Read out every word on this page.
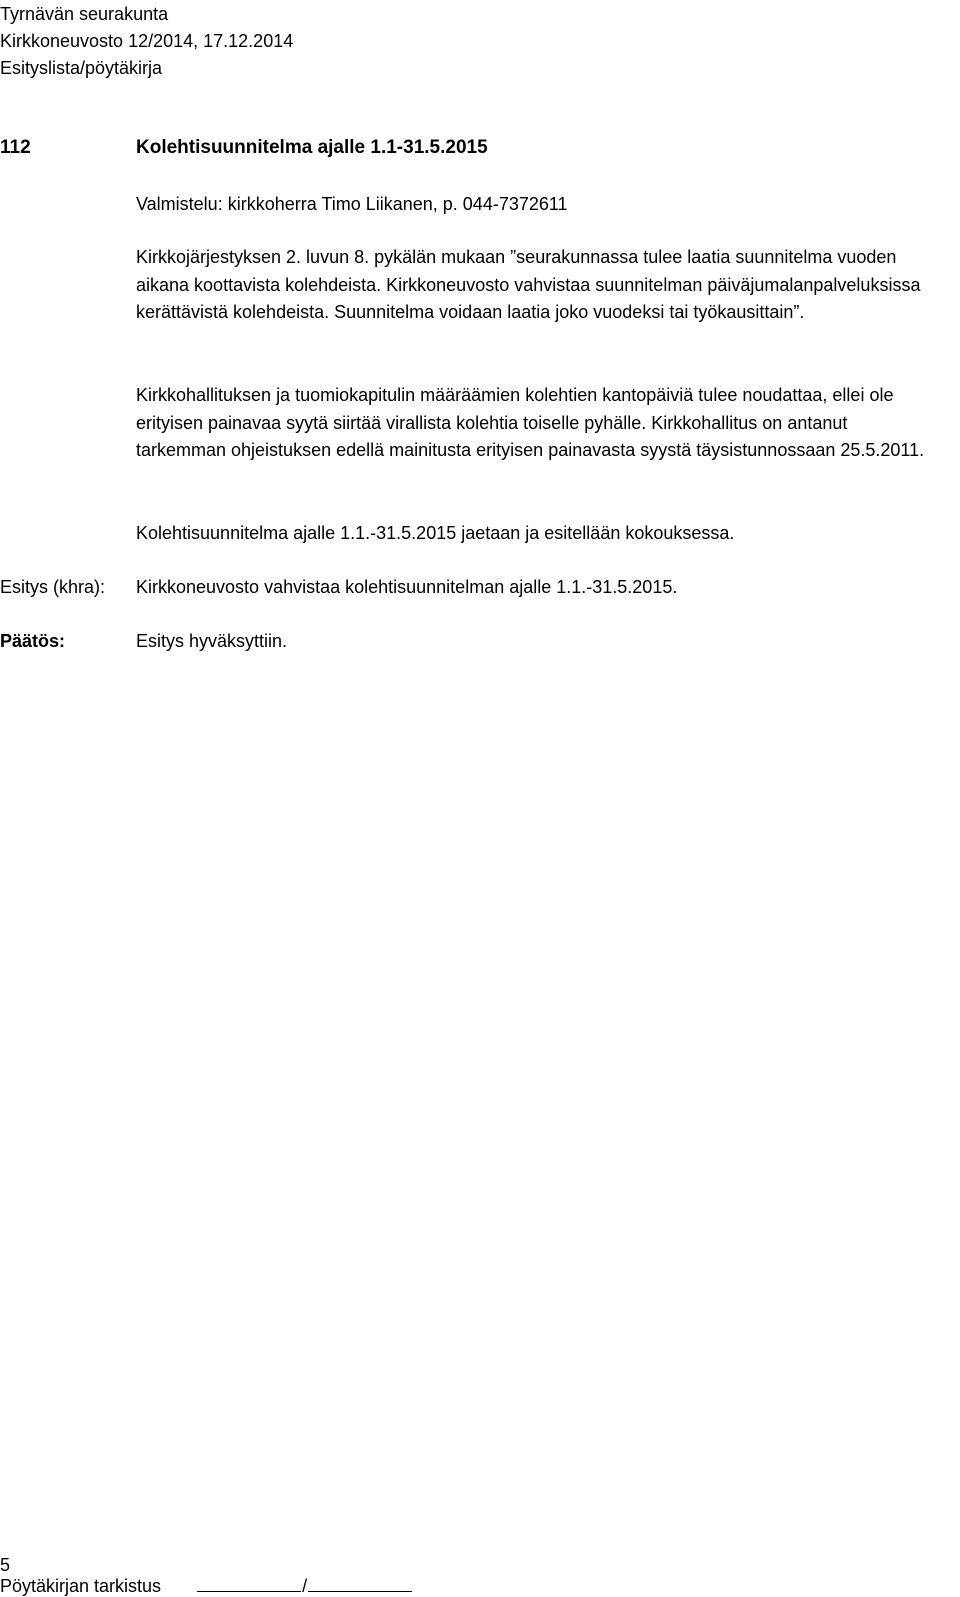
Tyrnävän seurakunta
Kirkkoneuvosto 12/2014, 17.12.2014
Esityslista/pöytäkirja
112	Kolehtisuunnitelma ajalle 1.1-31.5.2015
Valmistelu: kirkkoherra Timo Liikanen, p. 044-7372611
Kirkkojärjestyksen 2. luvun 8. pykälän mukaan ”seurakunnassa tulee laatia suunnitelma vuoden aikana koottavista kolehdeista. Kirkkoneuvosto vahvistaa suunnitelman päiväjumalanpalveluksissa kerättävistä kolehdeista. Suunnitelma voidaan laatia joko vuodeksi tai työkausittain”.
Kirkkohallituksen ja tuomiokapitulin määräämien kolehtien kantopäiviä tulee noudattaa, ellei ole erityisen painavaa syytä siirtää virallista kolehtia toiselle pyhälle. Kirkkohallitus on antanut tarkemman ohjeistuksen edellä mainitusta erityisen painavasta syystä täysistunnossaan 25.5.2011.
Kolehtisuunnitelma ajalle 1.1.-31.5.2015 jaetaan ja esitellään kokouksessa.
Esitys (khra): Kirkkoneuvosto vahvistaa kolehtisuunnitelman ajalle 1.1.-31.5.2015.
Päätös:	Esitys hyväksyttiin.
5
Pöytäkirjan tarkistus	/
